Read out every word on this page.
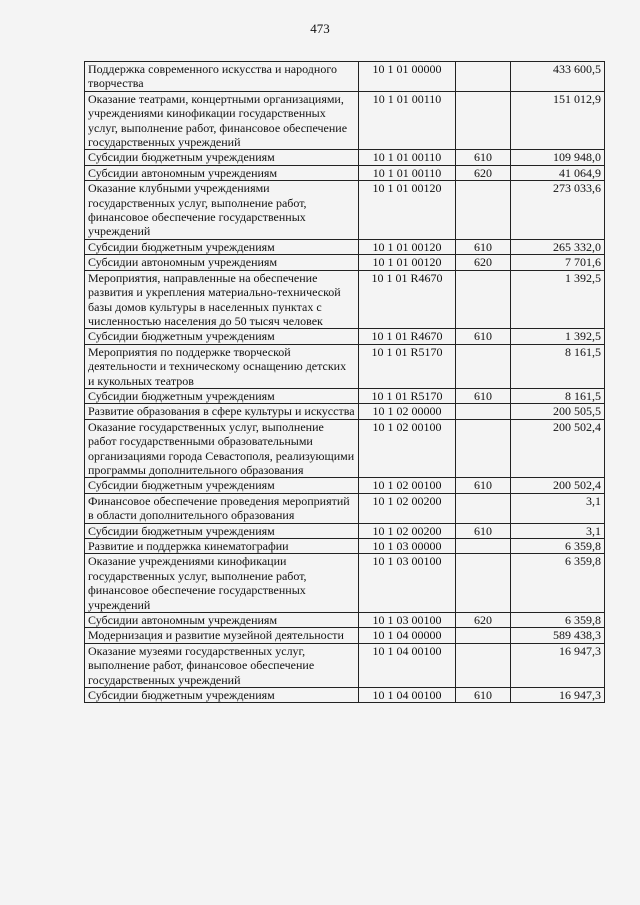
473
Поддержка современного искусства и народного творчества	10 1 01 00000		433 600,5
Оказание театрами, концертными организациями, учреждениями кинофикации государственных услуг, выполнение работ, финансовое обеспечение государственных учреждений	10 1 01 00110		151 012,9
Субсидии бюджетным учреждениям	10 1 01 00110	610	109 948,0
Субсидии автономным учреждениям	10 1 01 00110	620	41 064,9
Оказание клубными учреждениями государственных услуг, выполнение работ, финансовое обеспечение государственных учреждений	10 1 01 00120		273 033,6
Субсидии бюджетным учреждениям	10 1 01 00120	610	265 332,0
Субсидии автономным учреждениям	10 1 01 00120	620	7 701,6
Мероприятия, направленные на обеспечение развития и укрепления материально-технической базы домов культуры в населенных пунктах с численностью населения до 50 тысяч человек	10 1 01 R4670		1 392,5
Субсидии бюджетным учреждениям	10 1 01 R4670	610	1 392,5
Мероприятия по поддержке творческой деятельности и техническому оснащению детских и кукольных театров	10 1 01 R5170		8 161,5
Субсидии бюджетным учреждениям	10 1 01 R5170	610	8 161,5
Развитие образования в сфере культуры и искусства	10 1 02 00000		200 505,5
Оказание государственных услуг, выполнение работ государственными образовательными организациями города Севастополя, реализующими программы дополнительного образования	10 1 02 00100		200 502,4
Субсидии бюджетным учреждениям	10 1 02 00100	610	200 502,4
Финансовое обеспечение проведения мероприятий в области дополнительного образования	10 1 02 00200		3,1
Субсидии бюджетным учреждениям	10 1 02 00200	610	3,1
Развитие и поддержка кинематографии	10 1 03 00000		6 359,8
Оказание учреждениями кинофикации государственных услуг, выполнение работ, финансовое обеспечение государственных учреждений	10 1 03 00100		6 359,8
Субсидии автономным учреждениям	10 1 03 00100	620	6 359,8
Модернизация и развитие музейной деятельности	10 1 04 00000		589 438,3
Оказание музеями государственных услуг, выполнение работ, финансовое обеспечение государственных учреждений	10 1 04 00100		16 947,3
Субсидии бюджетным учреждениям	10 1 04 00100	610	16 947,3
